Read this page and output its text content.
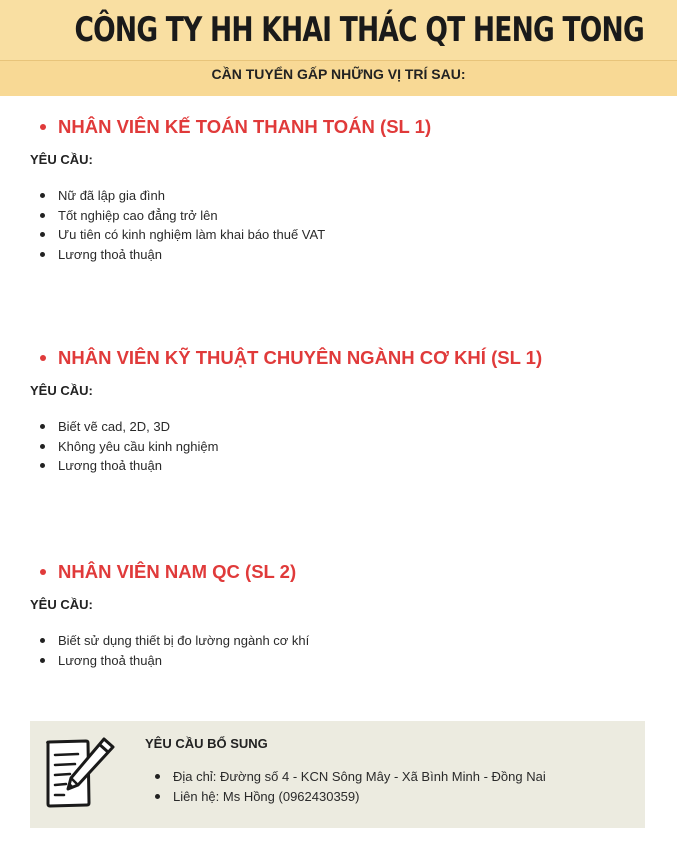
CÔNG TY HH KHAI THÁC QT HENG TONG
CẦN TUYỂN GẤP NHỮNG VỊ TRÍ SAU:
NHÂN VIÊN KẾ TOÁN THANH TOÁN (SL 1)
YÊU CẦU:
Nữ đã lập gia đình
Tốt nghiệp cao đẳng trở lên
Ưu tiên có kinh nghiệm làm khai báo thuế VAT
Lương thoả thuận
NHÂN VIÊN KỸ THUẬT CHUYÊN NGÀNH CƠ KHÍ (SL 1)
YÊU CẦU:
Biết vẽ cad, 2D, 3D
Không yêu cầu kinh nghiệm
Lương thoả thuận
NHÂN VIÊN NAM QC (SL 2)
YÊU CẦU:
Biết sử dụng thiết bị đo lường ngành cơ khí
Lương thoả thuận
YÊU CẦU BỔ SUNG
Địa chỉ: Đường số 4 - KCN Sông Mây - Xã Bình Minh - Đồng Nai
Liên hệ: Ms Hồng (0962430359)
